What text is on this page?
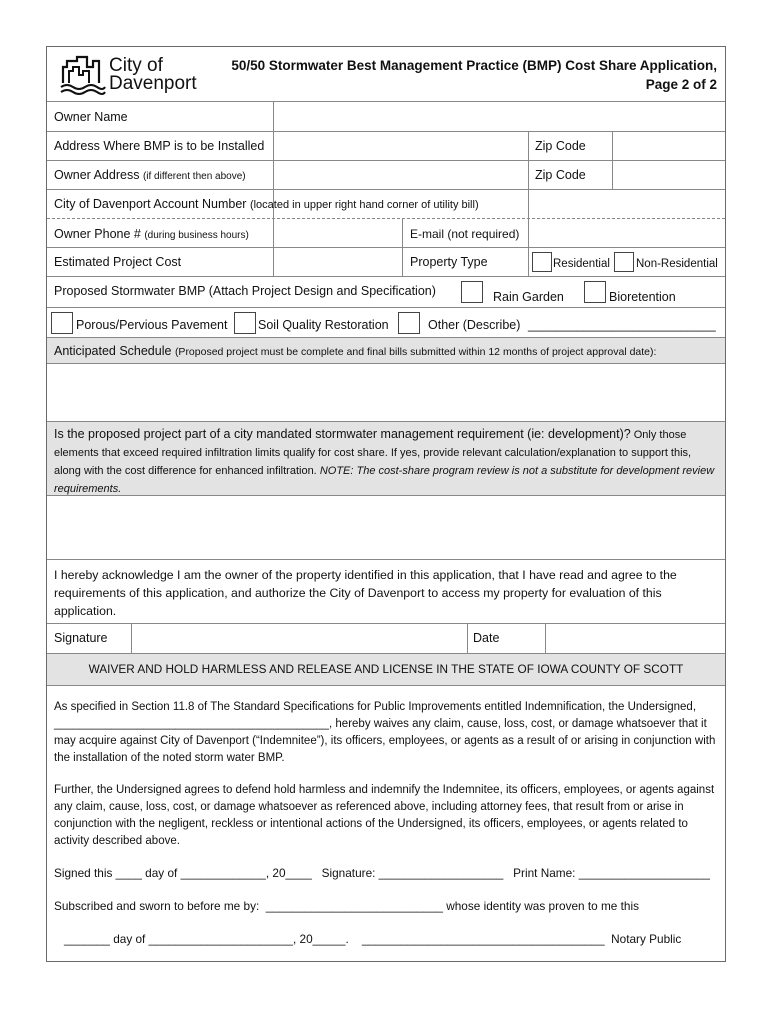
City of
Davenport
50/50 Stormwater Best Management Practice (BMP) Cost Share Application,
Page 2 of 2
Owner Name
Address Where BMP is to be Installed	Zip Code
Owner Address (if different then above)	Zip Code
City of Davenport Account Number (located in upper right hand corner of utility bill)
Owner Phone # (during business hours)	E-mail (not required)
Estimated Project Cost	Property Type	Residential Non-Residential
Proposed Stormwater BMP (Attach Project Design and Specification)	Rain Garden	Bioretention
Porous/Pervious Pavement Soil Quality Restoration	Other (Describe) ___________________________
Anticipated Schedule (Proposed project must be complete and final bills submitted within 12 months of project approval date):
Is the proposed project part of a city mandated stormwater management requirement (ie: development)? Only those elements that exceed required infiltration limits qualify for cost share. If yes, provide relevant calculation/explanation to support this, along with the cost difference for enhanced infiltration. NOTE: The cost-share program review is not a substitute for development review requirements.
I hereby acknowledge I am the owner of the property identified in this application, that I have read and agree to the requirements of this application, and authorize the City of Davenport to access my property for evaluation of this application.
Signature	Date
WAIVER AND HOLD HARMLESS AND RELEASE AND LICENSE IN THE STATE OF IOWA COUNTY OF SCOTT
As specified in Section 11.8 of The Standard Specifications for Public Improvements entitled Indemnification, the Undersigned, ___________________________________________, hereby waives any claim, cause, loss, cost, or damage whatsoever that it may acquire against City of Davenport (“Indemnitee”), its officers, employees, or agents as a result of or arising in conjunction with the installation of the noted storm water BMP.
Further, the Undersigned agrees to defend hold harmless and indemnify the Indemnitee, its officers, employees, or agents against any claim, cause, loss, cost, or damage whatsoever as referenced above, including attorney fees, that result from or arise in conjunction with the negligent, reckless or intentional actions of the Undersigned, its officers, employees, or agents related to activity described above.
Signed this ____ day of _____________, 20____   Signature: ___________________   Print Name: ____________________
Subscribed and sworn to before me by:  ___________________________ whose identity was proven to me this
_______ day of ______________________, 20_____.    _____________________________________  Notary Public
